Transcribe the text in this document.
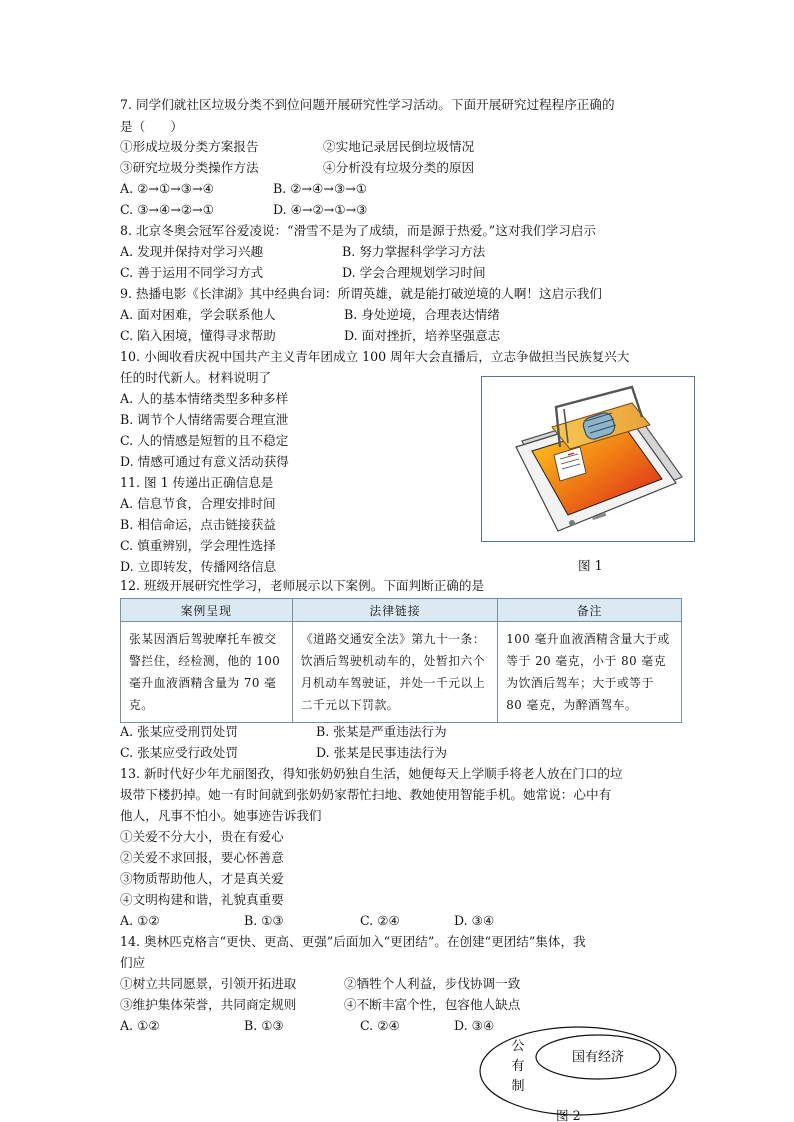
7. 同学们就社区垃圾分类不到位问题开展研究性学习活动。下面开展研究过程程序正确的
是（　　）
①形成垃圾分类方案报告	②实地记录居民倒垃圾情况
③研究垃圾分类操作方法	④分析没有垃圾分类的原因
A. ②→①→③→④	B. ②→④→③→①
C. ③→④→②→①	D. ④→②→①→③
8. 北京冬奥会冠军谷爱凌说：“滑雪不是为了成绩，而是源于热爱。”这对我们学习启示
A. 发现并保持对学习兴趣	B. 努力掌握科学学习方法
C. 善于运用不同学习方式	D. 学会合理规划学习时间
9. 热播电影《长津湖》其中经典台词：所谓英雄，就是能打破逆境的人啊！这启示我们
A. 面对困难，学会联系他人	B. 身处逆境，合理表达情绪
C. 陷入困境，懂得寻求帮助	D. 面对挫折，培养坚强意志
10. 小闽收看庆祝中国共产主义青年团成立 100 周年大会直播后，立志争做担当民族复兴大
任的时代新人。材料说明了
A. 人的基本情绪类型多种多样
B. 调节个人情绪需要合理宣泄
C. 人的情感是短暂的且不稳定
D. 情感可通过有意义活动获得
11. 图 1 传递出正确信息是
A. 信息节食，合理安排时间
B. 相信命运，点击链接获益
C. 慎重辨别，学会理性选择
D. 立即转发，传播网络信息	图 1
12. 班级开展研究性学习，老师展示以下案例。下面判断正确的是
案例呈现	法律链接	备注
张某因酒后驾驶摩托车被交警拦住，经检测，他的 100 毫升血液酒精含量为 70 毫克。	《道路交通安全法》第九十一条：饮酒后驾驶机动车的，处暂扣六个月机动车驾驶证，并处一千元以上二千元以下罚款。	100 毫升血液酒精含量大于或等于 20 毫克，小于 80 毫克为饮酒后驾车；大于或等于 80 毫克，为醉酒驾车。
A. 张某应受刑罚处罚	B. 张某是严重违法行为
C. 张某应受行政处罚	D. 张某是民事违法行为
13. 新时代好少年尤丽图孜，得知张奶奶独自生活，她便每天上学顺手将老人放在门口的垃
圾带下楼扔掉。她一有时间就到张奶奶家帮忙扫地、教她使用智能手机。她常说：心中有
他人，凡事不怕小。她事迹告诉我们
①关爱不分大小，贵在有爱心
②关爱不求回报，要心怀善意
③物质帮助他人，才是真关爱
④文明构建和谐，礼貌真重要
A. ①②	B. ①③	C. ②④	D. ③④
14. 奥林匹克格言“更快、更高、更强”后面加入“更团结”。在创建“更团结”集体，我
们应
①树立共同愿景，引领开拓进取	②牺牲个人利益，步伐协调一致
③维护集体荣誉，共同商定规则	④不断丰富个性，包容他人缺点
A. ①②	B. ①③	C. ②④	D. ③④
公
有
制
国有经济
图 2
